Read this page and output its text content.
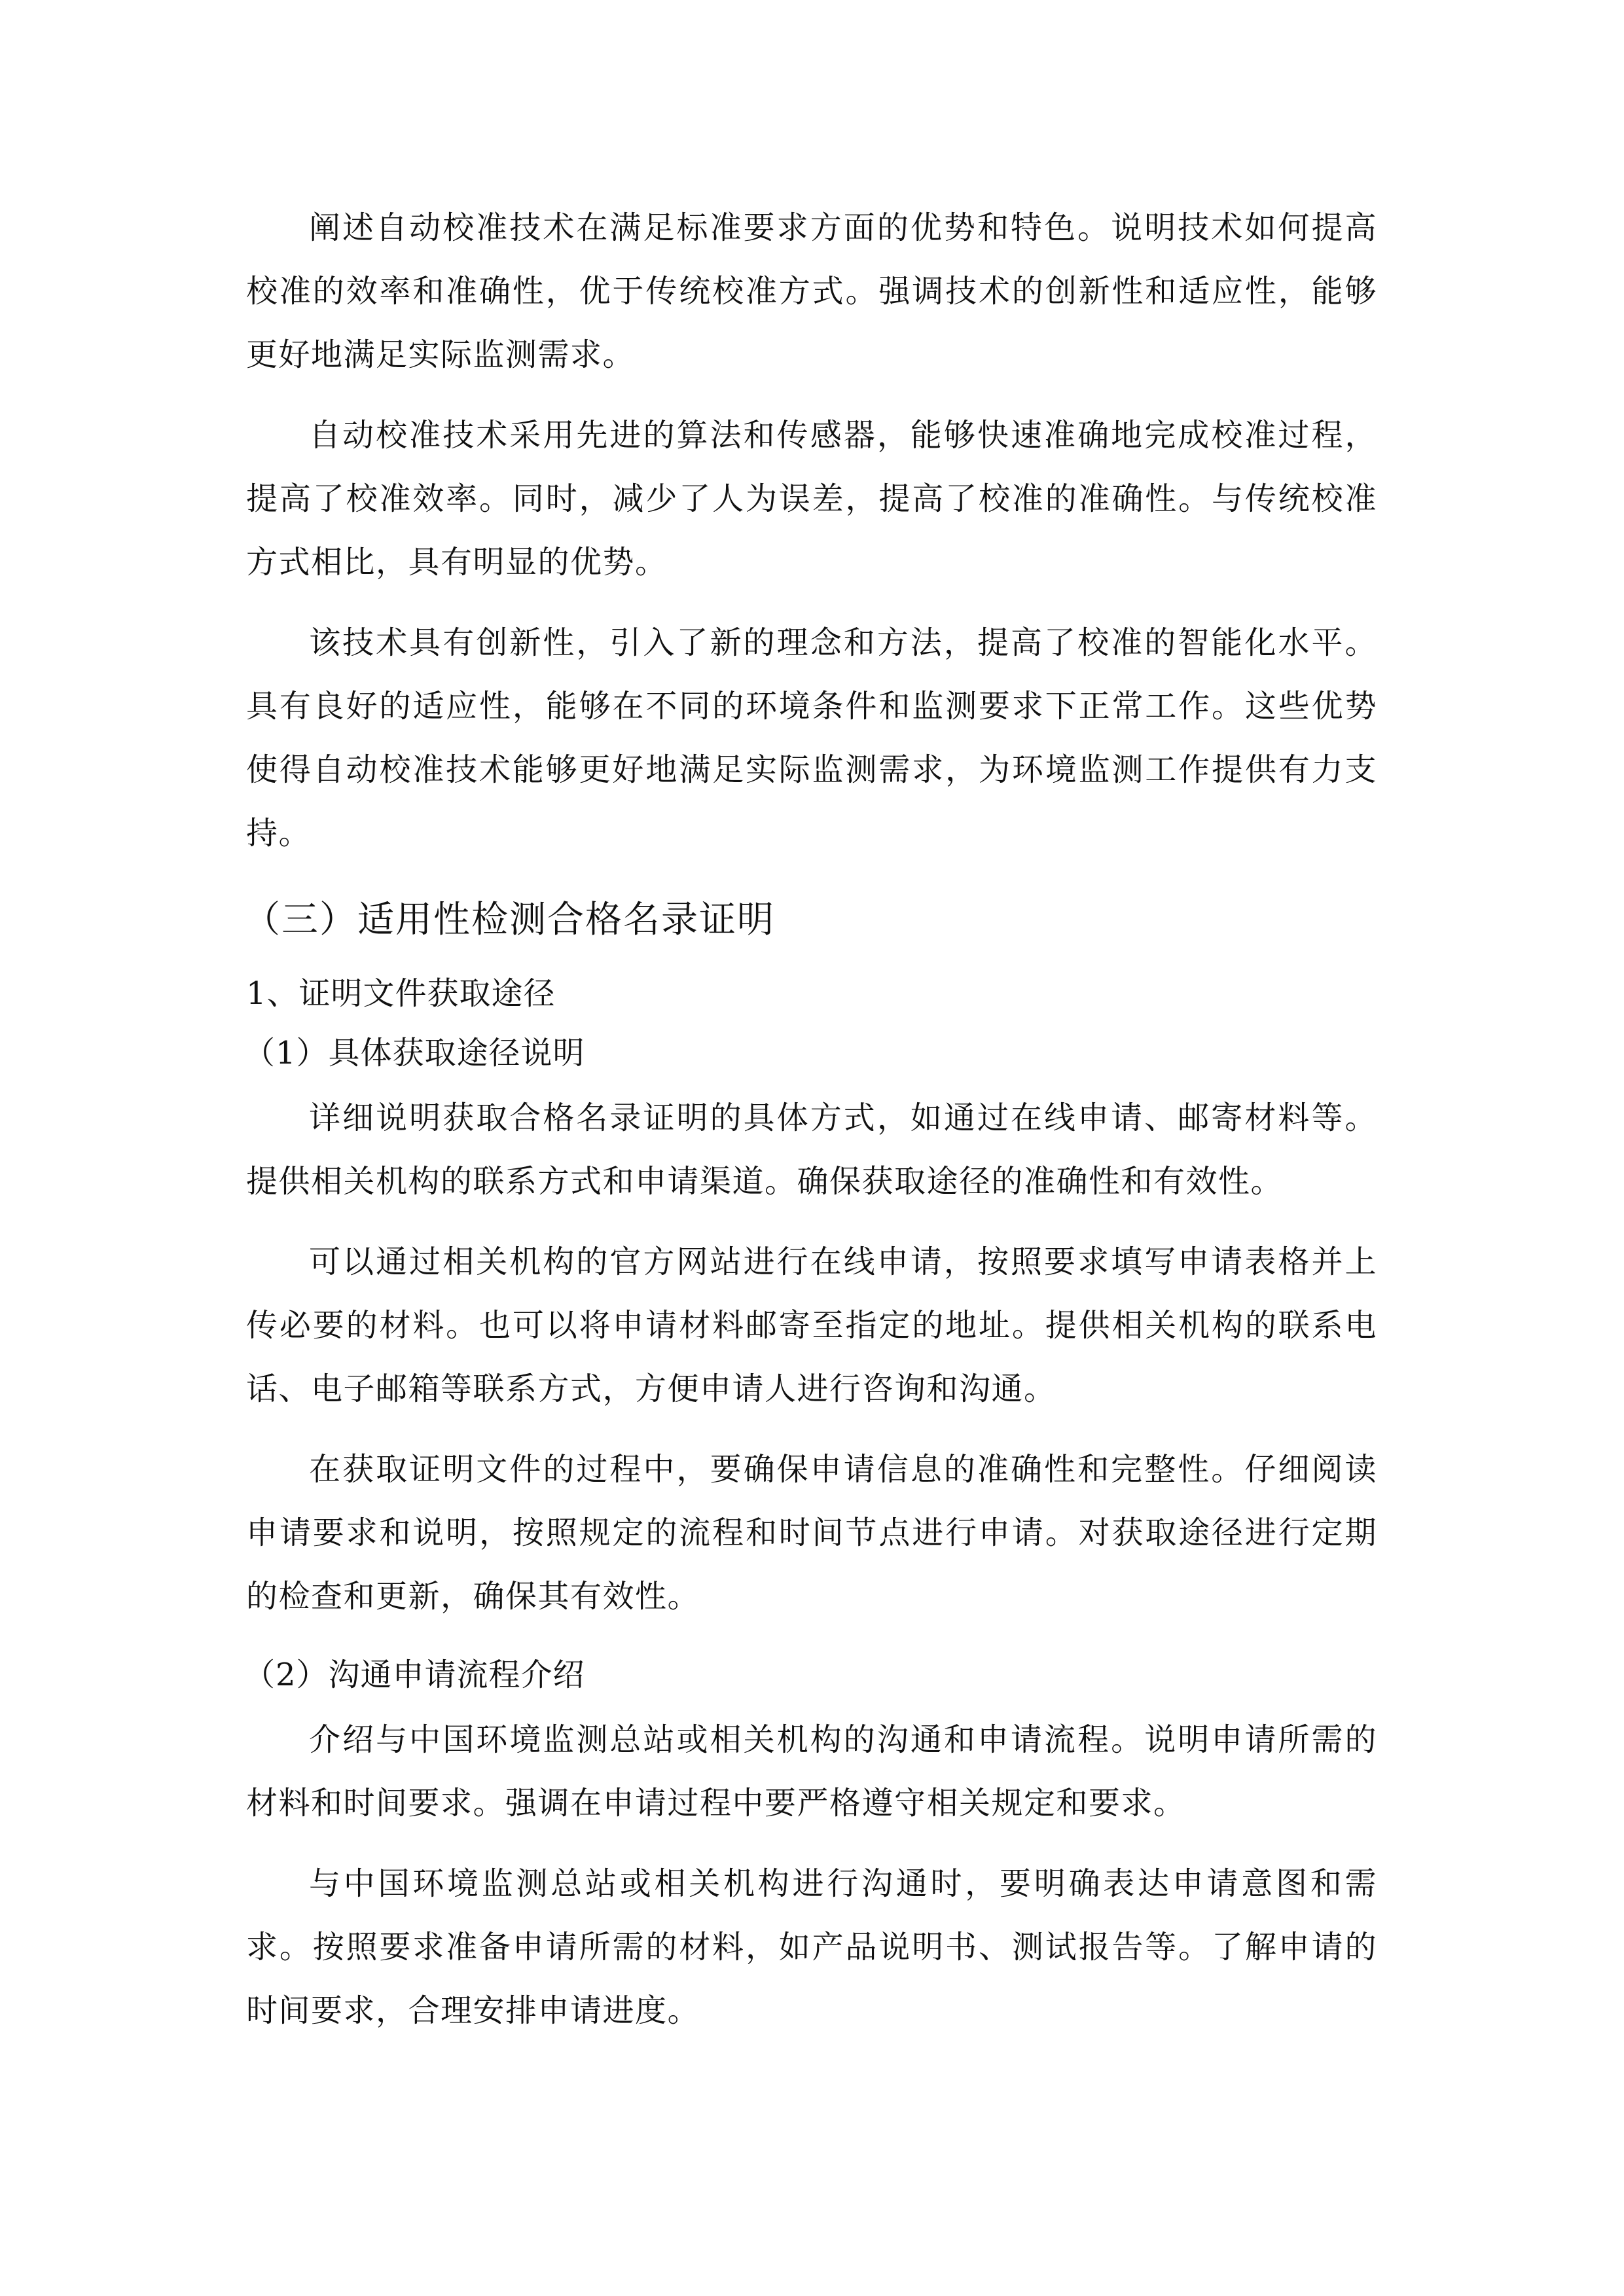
阐述自动校准技术在满足标准要求方面的优势和特色。说明技术如何提高校准的效率和准确性，优于传统校准方式。强调技术的创新性和适应性，能够更好地满足实际监测需求。

自动校准技术采用先进的算法和传感器，能够快速准确地完成校准过程，提高了校准效率。同时，减少了人为误差，提高了校准的准确性。与传统校准方式相比，具有明显的优势。

该技术具有创新性，引入了新的理念和方法，提高了校准的智能化水平。具有良好的适应性，能够在不同的环境条件和监测要求下正常工作。这些优势使得自动校准技术能够更好地满足实际监测需求，为环境监测工作提供有力支持。

（三）适用性检测合格名录证明
1、证明文件获取途径
（1）具体获取途径说明

详细说明获取合格名录证明的具体方式，如通过在线申请、邮寄材料等。提供相关机构的联系方式和申请渠道。确保获取途径的准确性和有效性。

可以通过相关机构的官方网站进行在线申请，按照要求填写申请表格并上传必要的材料。也可以将申请材料邮寄至指定的地址。提供相关机构的联系电话、电子邮箱等联系方式，方便申请人进行咨询和沟通。

在获取证明文件的过程中，要确保申请信息的准确性和完整性。仔细阅读申请要求和说明，按照规定的流程和时间节点进行申请。对获取途径进行定期的检查和更新，确保其有效性。

（2）沟通申请流程介绍

介绍与中国环境监测总站或相关机构的沟通和申请流程。说明申请所需的材料和时间要求。强调在申请过程中要严格遵守相关规定和要求。

与中国环境监测总站或相关机构进行沟通时，要明确表达申请意图和需求。按照要求准备申请所需的材料，如产品说明书、测试报告等。了解申请的时间要求，合理安排申请进度。
